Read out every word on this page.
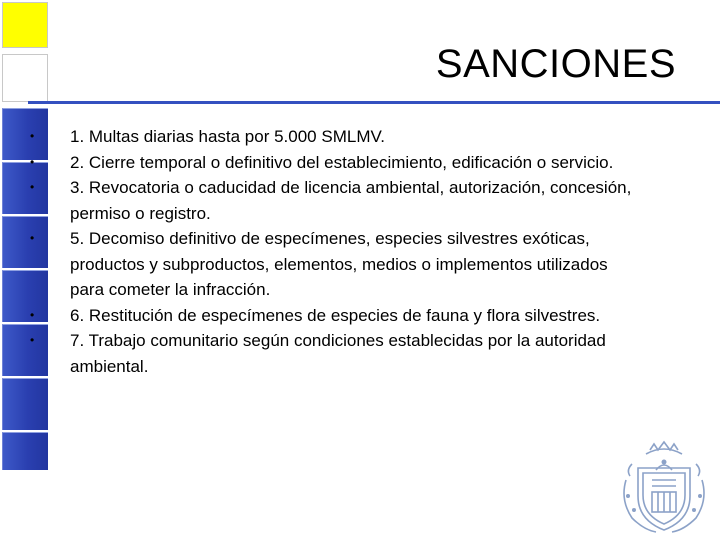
SANCIONES
•	1. Multas diarias hasta por 5.000 SMLMV.
•	2. Cierre temporal o definitivo del establecimiento, edificación o servicio.
•	3. Revocatoria o caducidad de licencia ambiental, autorización, concesión, permiso o registro.
•	5. Decomiso definitivo de especímenes, especies silvestres exóticas, productos y subproductos, elementos, medios o implementos utilizados para cometer la infracción.
•	6. Restitución de especímenes de especies de fauna y flora silvestres.
•	7. Trabajo comunitario según condiciones establecidas por la autoridad ambiental.
